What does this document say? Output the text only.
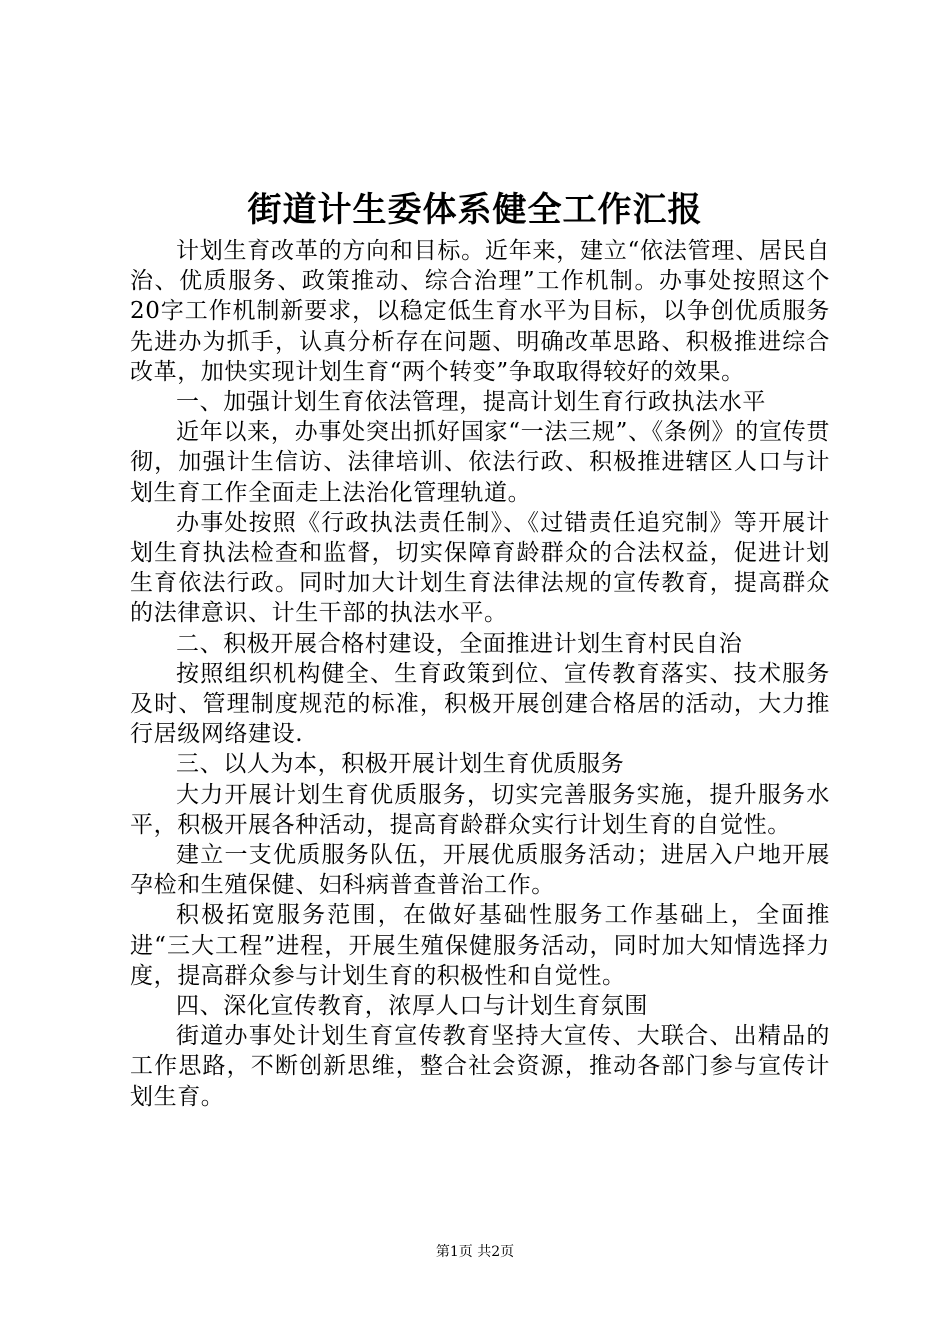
街道计生委体系健全工作汇报

计划生育改革的方向和目标。近年来，建立“依法管理、居民自治、优质服务、政策推动、综合治理”工作机制。办事处按照这个20字工作机制新要求，以稳定低生育水平为目标，以争创优质服务先进办为抓手，认真分析存在问题、明确改革思路、积极推进综合改革，加快实现计划生育“两个转变”争取取得较好的效果。

一、加强计划生育依法管理，提高计划生育行政执法水平

近年以来，办事处突出抓好国家“一法三规”、《条例》的宣传贯彻，加强计生信访、法律培训、依法行政、积极推进辖区人口与计划生育工作全面走上法治化管理轨道。

办事处按照《行政执法责任制》、《过错责任追究制》等开展计划生育执法检查和监督，切实保障育龄群众的合法权益，促进计划生育依法行政。同时加大计划生育法律法规的宣传教育，提高群众的法律意识、计生干部的执法水平。

二、积极开展合格村建设，全面推进计划生育村民自治

按照组织机构健全、生育政策到位、宣传教育落实、技术服务及时、管理制度规范的标准，积极开展创建合格居的活动，大力推行居级网络建设.

三、以人为本，积极开展计划生育优质服务

大力开展计划生育优质服务，切实完善服务实施，提升服务水平，积极开展各种活动，提高育龄群众实行计划生育的自觉性。

建立一支优质服务队伍，开展优质服务活动；进居入户地开展孕检和生殖保健、妇科病普查普治工作。

积极拓宽服务范围，在做好基础性服务工作基础上，全面推进“三大工程”进程，开展生殖保健服务活动，同时加大知情选择力度，提高群众参与计划生育的积极性和自觉性。

四、深化宣传教育，浓厚人口与计划生育氛围

街道办事处计划生育宣传教育坚持大宣传、大联合、出精品的工作思路，不断创新思维，整合社会资源，推动各部门参与宣传计划生育。

第1页 共2页
